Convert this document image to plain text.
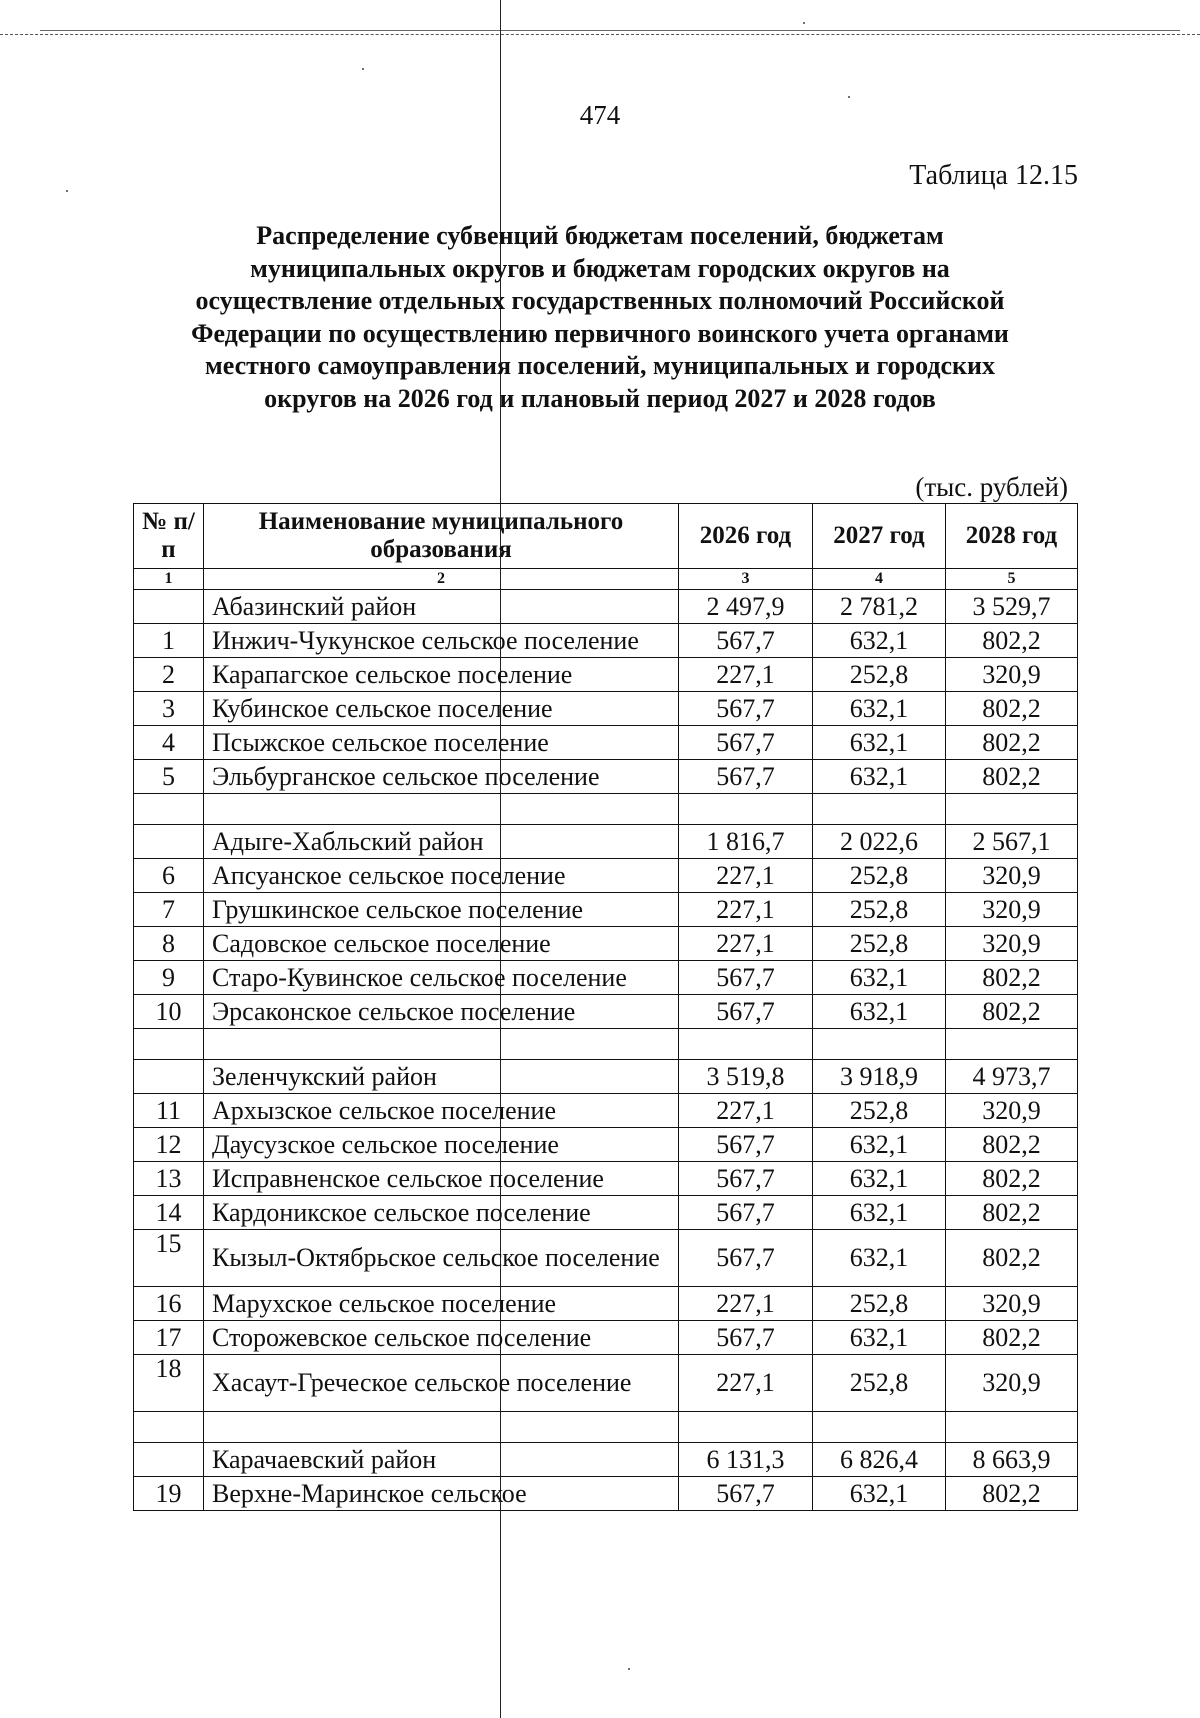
474
Таблица 12.15
Распределение субвенций бюджетам поселений, бюджетам
муниципальных округов и бюджетам городских округов на
осуществление отдельных государственных полномочий Российской
Федерации по осуществлению первичного воинского учета органами
местного самоуправления поселений, муниципальных и городских
округов на 2026 год и плановый период 2027 и 2028 годов
(тыс. рублей)
№ п/п	Наименование муниципального образования	2026 год	2027 год	2028 год
1	2	3	4	5
	Абазинский район	2 497,9	2 781,2	3 529,7
1	Инжич-Чукунское сельское поселение	567,7	632,1	802,2
2	Карапагское сельское поселение	227,1	252,8	320,9
3	Кубинское сельское поселение	567,7	632,1	802,2
4	Псыжское сельское поселение	567,7	632,1	802,2
5	Эльбурганское сельское поселение	567,7	632,1	802,2

	Адыге-Хабльский район	1 816,7	2 022,6	2 567,1
6	Апсуанское сельское поселение	227,1	252,8	320,9
7	Грушкинское сельское поселение	227,1	252,8	320,9
8	Садовское сельское поселение	227,1	252,8	320,9
9	Старо-Кувинское сельское поселение	567,7	632,1	802,2
10	Эрсаконское сельское поселение	567,7	632,1	802,2

	Зеленчукский район	3 519,8	3 918,9	4 973,7
11	Архызское сельское поселение	227,1	252,8	320,9
12	Даусузское сельское поселение	567,7	632,1	802,2
13	Исправненское сельское поселение	567,7	632,1	802,2
14	Кардоникское сельское поселение	567,7	632,1	802,2
15	Кызыл-Октябрьское сельское поселение	567,7	632,1	802,2
16	Марухское сельское поселение	227,1	252,8	320,9
17	Сторожевское сельское поселение	567,7	632,1	802,2
18	Хасаут-Греческое сельское поселение	227,1	252,8	320,9

	Карачаевский район	6 131,3	6 826,4	8 663,9
19	Верхне-Маринское сельское	567,7	632,1	802,2
